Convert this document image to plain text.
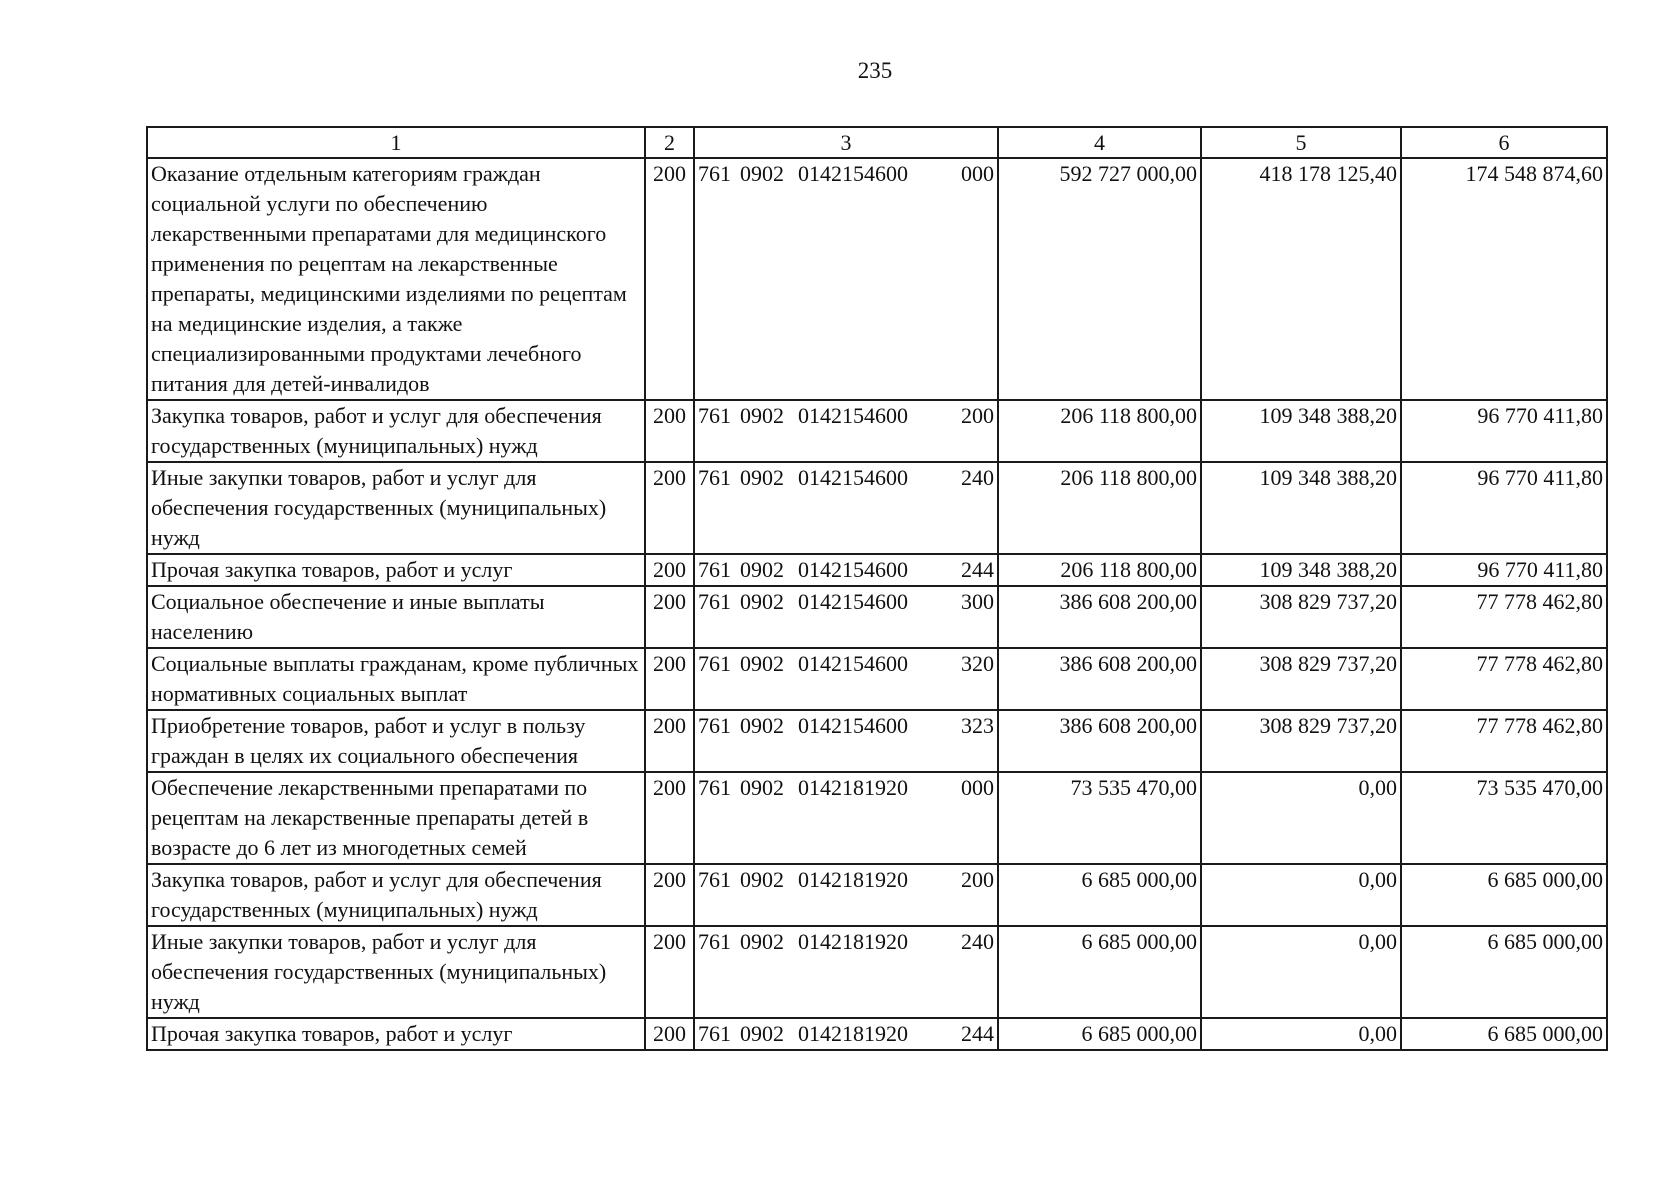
235
1	2	3	4	5	6
Оказание отдельным категориям граждан социальной услуги по обеспечению лекарственными препаратами для медицинского применения по рецептам на лекарственные препараты, медицинскими изделиями по рецептам на медицинские изделия, а также специализированными продуктами лечебного питания для детей-инвалидов	200	761 0902 0142154600 000	592 727 000,00	418 178 125,40	174 548 874,60
Закупка товаров, работ и услуг для обеспечения государственных (муниципальных) нужд	200	761 0902 0142154600 200	206 118 800,00	109 348 388,20	96 770 411,80
Иные закупки товаров, работ и услуг для обеспечения государственных (муниципальных) нужд	200	761 0902 0142154600 240	206 118 800,00	109 348 388,20	96 770 411,80
Прочая закупка товаров, работ и услуг	200	761 0902 0142154600 244	206 118 800,00	109 348 388,20	96 770 411,80
Социальное обеспечение и иные выплаты населению	200	761 0902 0142154600 300	386 608 200,00	308 829 737,20	77 778 462,80
Социальные выплаты гражданам, кроме публичных нормативных социальных выплат	200	761 0902 0142154600 320	386 608 200,00	308 829 737,20	77 778 462,80
Приобретение товаров, работ и услуг в пользу граждан в целях их социального обеспечения	200	761 0902 0142154600 323	386 608 200,00	308 829 737,20	77 778 462,80
Обеспечение лекарственными препаратами по рецептам на лекарственные препараты детей в возрасте до 6 лет из многодетных семей	200	761 0902 0142181920 000	73 535 470,00	0,00	73 535 470,00
Закупка товаров, работ и услуг для обеспечения государственных (муниципальных) нужд	200	761 0902 0142181920 200	6 685 000,00	0,00	6 685 000,00
Иные закупки товаров, работ и услуг для обеспечения государственных (муниципальных) нужд	200	761 0902 0142181920 240	6 685 000,00	0,00	6 685 000,00
Прочая закупка товаров, работ и услуг	200	761 0902 0142181920 244	6 685 000,00	0,00	6 685 000,00
